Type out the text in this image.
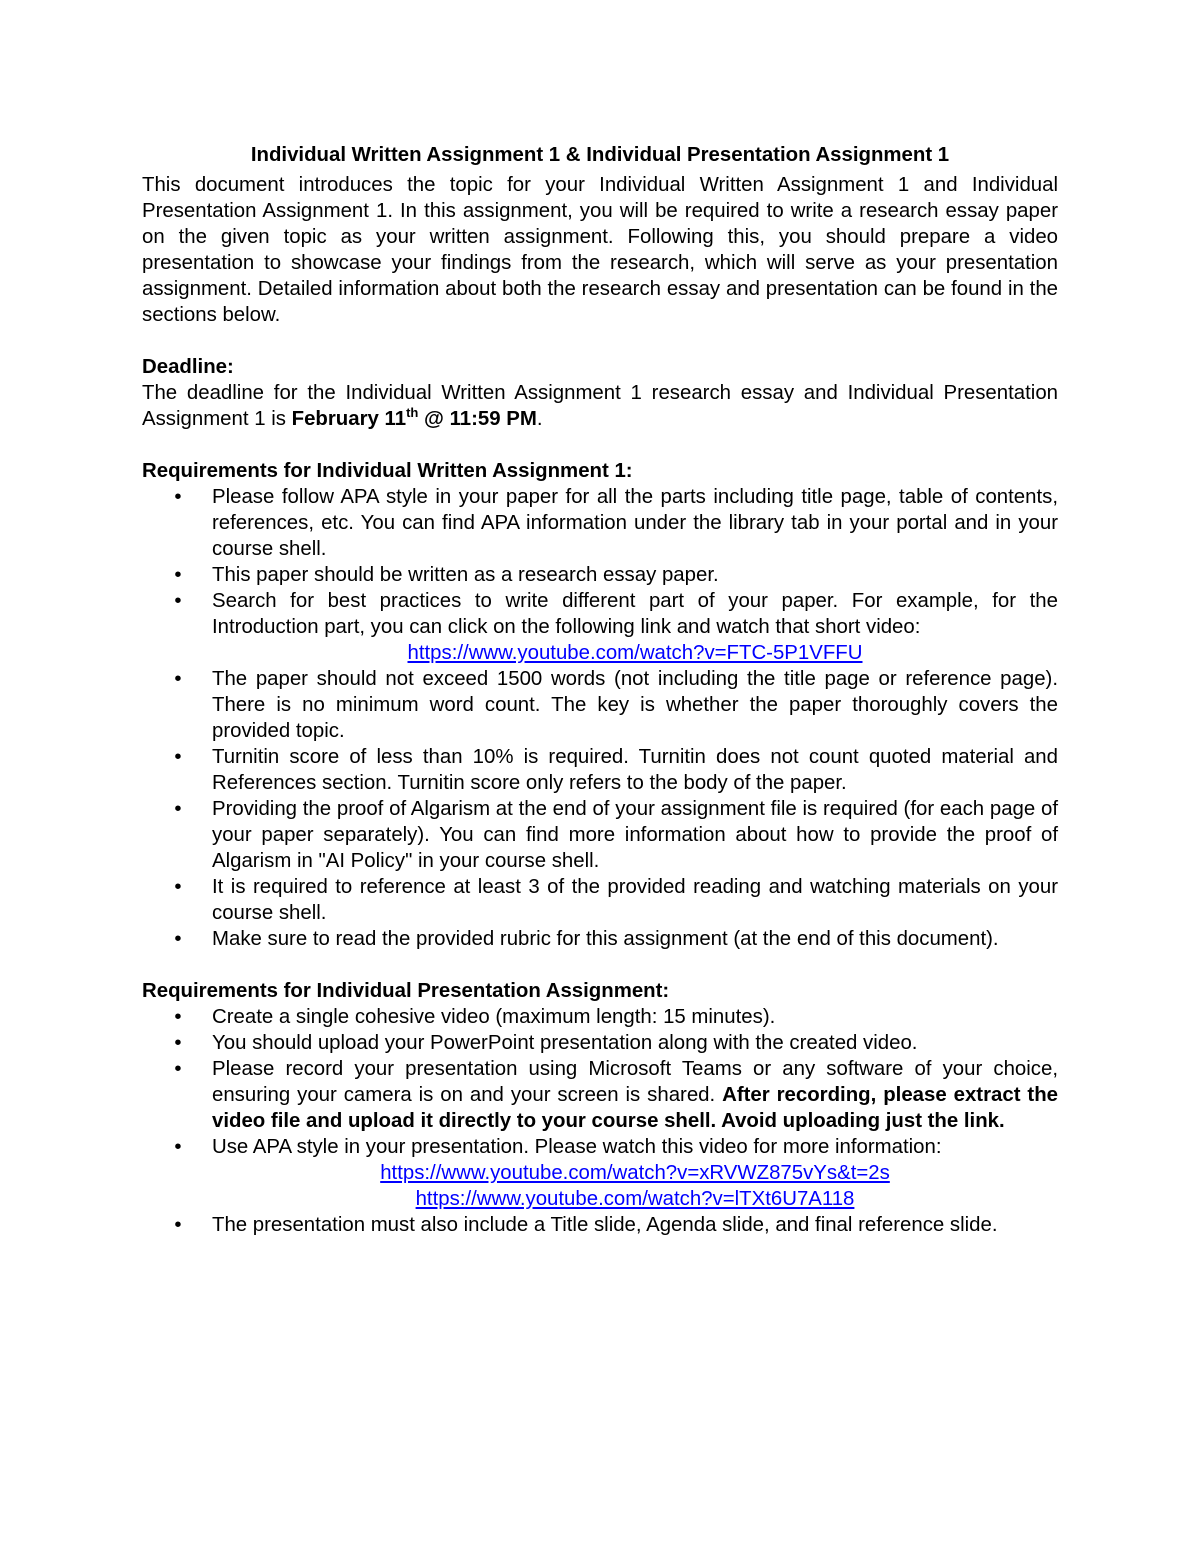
Individual Written Assignment 1 & Individual Presentation Assignment 1

This document introduces the topic for your Individual Written Assignment 1 and Individual Presentation Assignment 1. In this assignment, you will be required to write a research essay paper on the given topic as your written assignment. Following this, you should prepare a video presentation to showcase your findings from the research, which will serve as your presentation assignment. Detailed information about both the research essay and presentation can be found in the sections below.

Deadline:

The deadline for the Individual Written Assignment 1 research essay and Individual Presentation Assignment 1 is February 11th @ 11:59 PM.

Requirements for Individual Written Assignment 1:

• Please follow APA style in your paper for all the parts including title page, table of contents, references, etc. You can find APA information under the library tab in your portal and in your course shell.
• This paper should be written as a research essay paper.
• Search for best practices to write different part of your paper. For example, for the Introduction part, you can click on the following link and watch that short video:
https://www.youtube.com/watch?v=FTC-5P1VFFU
• The paper should not exceed 1500 words (not including the title page or reference page). There is no minimum word count. The key is whether the paper thoroughly covers the provided topic.
• Turnitin score of less than 10% is required. Turnitin does not count quoted material and References section. Turnitin score only refers to the body of the paper.
• Providing the proof of Algarism at the end of your assignment file is required (for each page of your paper separately). You can find more information about how to provide the proof of Algarism in "AI Policy" in your course shell.
• It is required to reference at least 3 of the provided reading and watching materials on your course shell.
• Make sure to read the provided rubric for this assignment (at the end of this document).

Requirements for Individual Presentation Assignment:

• Create a single cohesive video (maximum length: 15 minutes).
• You should upload your PowerPoint presentation along with the created video.
• Please record your presentation using Microsoft Teams or any software of your choice, ensuring your camera is on and your screen is shared. After recording, please extract the video file and upload it directly to your course shell. Avoid uploading just the link.
• Use APA style in your presentation. Please watch this video for more information:
https://www.youtube.com/watch?v=xRVWZ875vYs&t=2s
https://www.youtube.com/watch?v=lTXt6U7A118
• The presentation must also include a Title slide, Agenda slide, and final reference slide.
